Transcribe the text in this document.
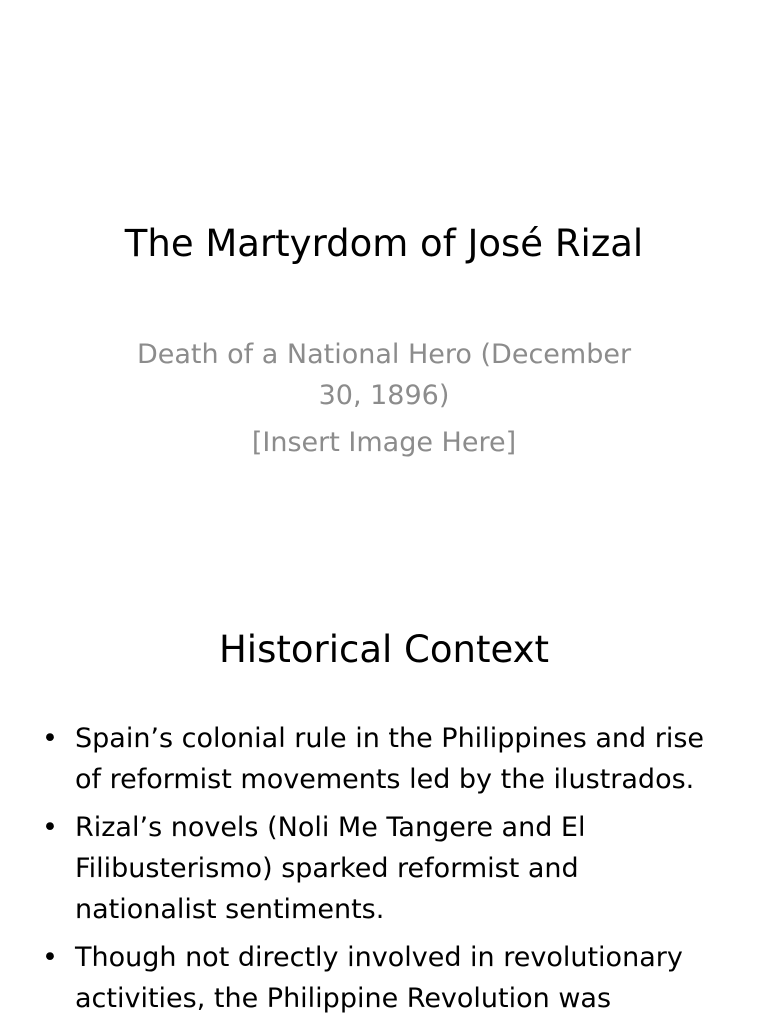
The Martyrdom of José Rizal
Death of a National Hero (December 30, 1896)
[Insert Image Here]
Historical Context
• Spain’s colonial rule in the Philippines and rise of reformist movements led by the ilustrados.
• Rizal’s novels (Noli Me Tangere and El Filibusterismo) sparked reformist and nationalist sentiments.
• Though not directly involved in revolutionary activities, the Philippine Revolution was
